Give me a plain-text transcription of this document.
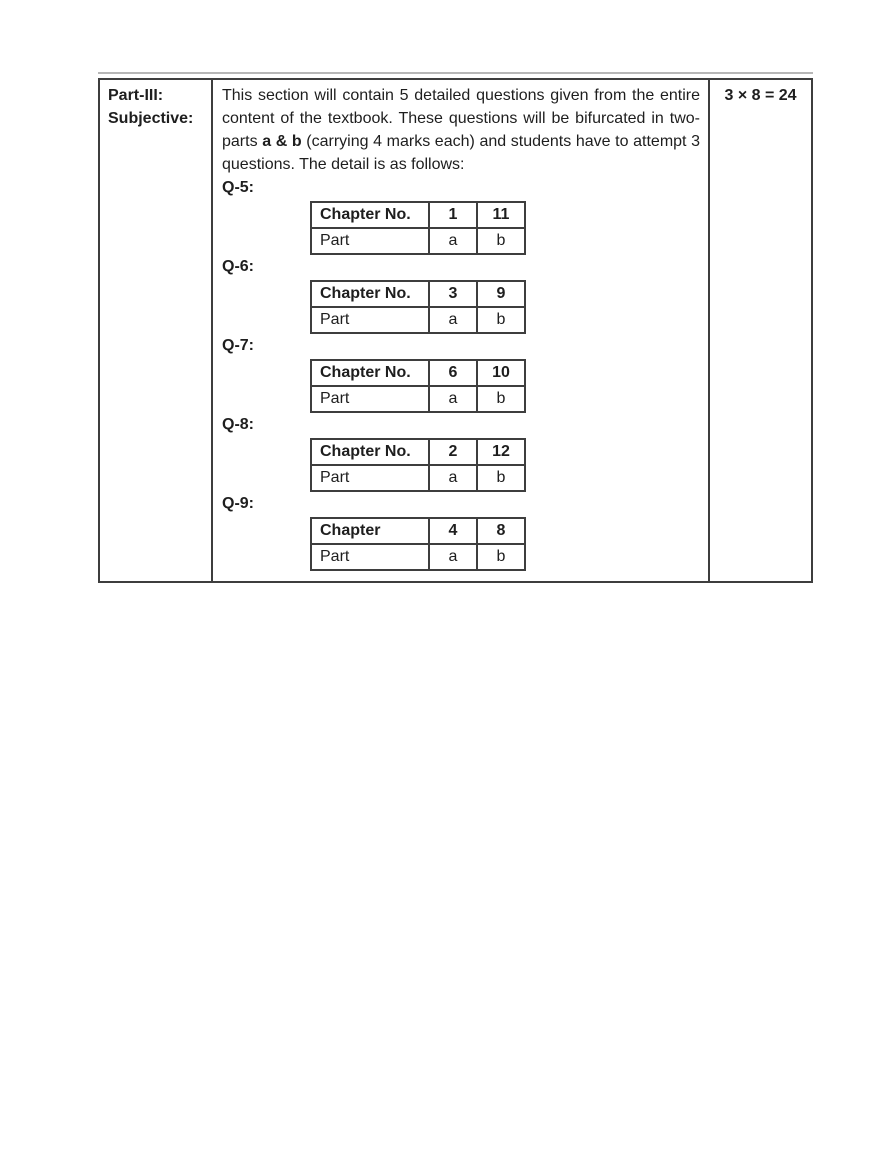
Part-III:
Subjective:

This section will contain 5 detailed questions given from the entire content of the textbook. These questions will be bifurcated in two-parts a & b (carrying 4 marks each) and students have to attempt 3 questions. The detail is as follows:

Q-5:
Chapter No.	1	11
Part	a	b
Q-6:
Chapter No.	3	9
Part	a	b
Q-7:
Chapter No.	6	10
Part	a	b
Q-8:
Chapter No.	2	12
Part	a	b
Q-9:
Chapter	4	8
Part	a	b
3 × 8 = 24
